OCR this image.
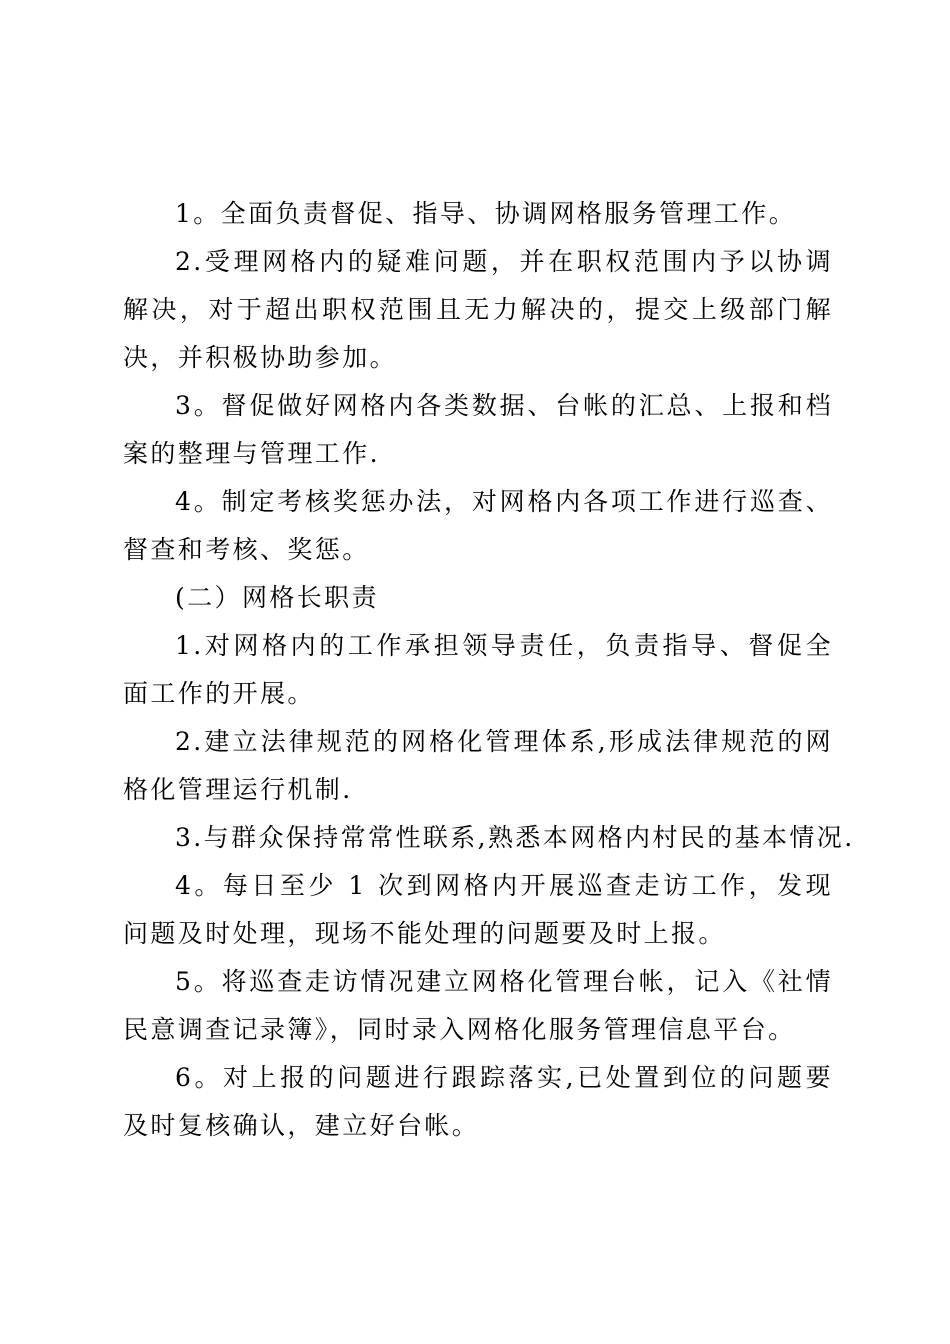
1。全面负责督促、指导、协调网格服务管理工作。

2.受理网格内的疑难问题，并在职权范围内予以协调解决，对于超出职权范围且无力解决的，提交上级部门解决，并积极协助参加。

3。督促做好网格内各类数据、台帐的汇总、上报和档案的整理与管理工作.

4。制定考核奖惩办法，对网格内各项工作进行巡查、督查和考核、奖惩。

(二）网格长职责

1.对网格内的工作承担领导责任，负责指导、督促全面工作的开展。

2.建立法律规范的网格化管理体系,形成法律规范的网格化管理运行机制.

3.与群众保持常常性联系,熟悉本网格内村民的基本情况.

4。每日至少 1 次到网格内开展巡查走访工作，发现问题及时处理，现场不能处理的问题要及时上报。

5。将巡查走访情况建立网格化管理台帐，记入《社情民意调查记录簿》，同时录入网格化服务管理信息平台。

6。对上报的问题进行跟踪落实,已处置到位的问题要及时复核确认，建立好台帐。
